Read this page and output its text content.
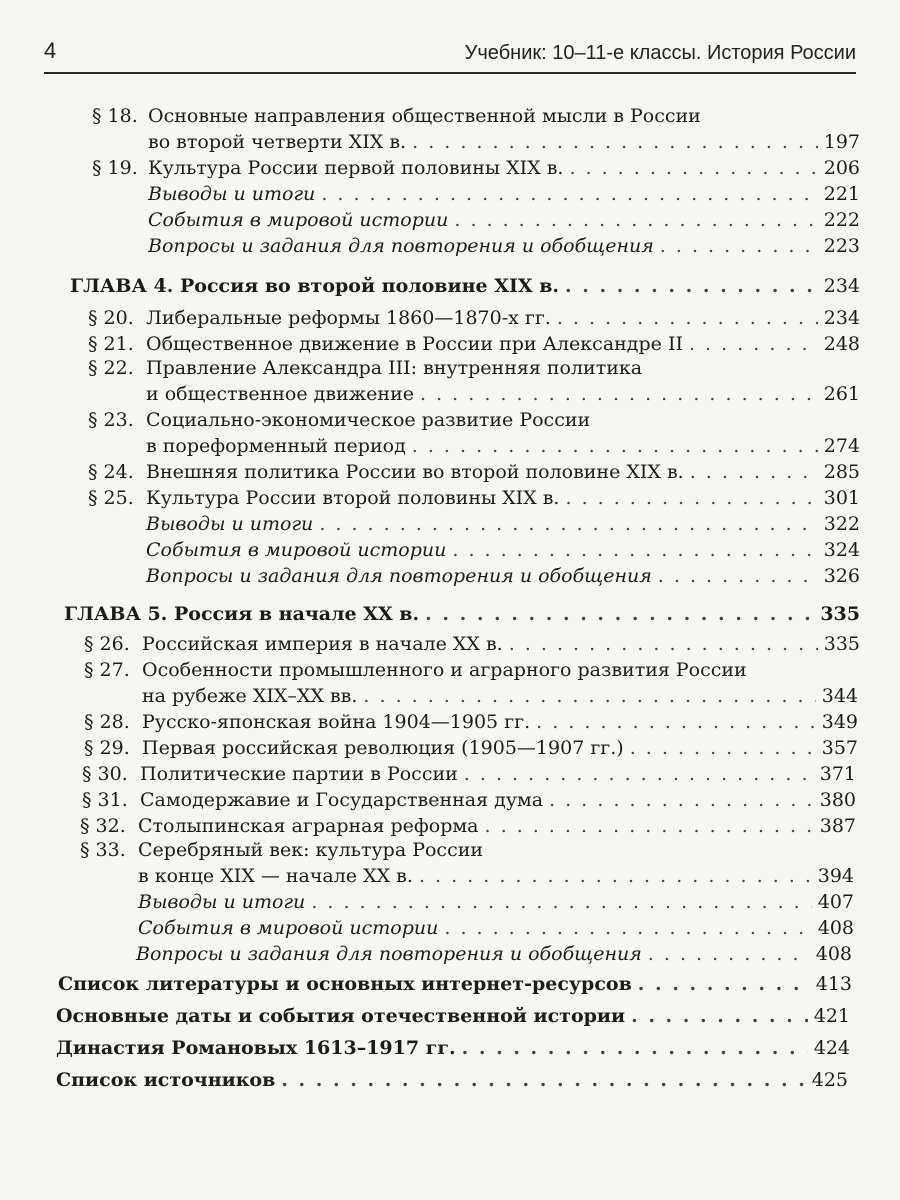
4	Учебник: 10–11-е классы. История России
§ 18. Основные направления общественной мысли в России
во второй четверти XIX в. . . .	197
§ 19. Культура России первой половины XIX в. . . .	206
Выводы и итоги . . .	221
События в мировой истории . . .	222
Вопросы и задания для повторения и обобщения . . .	223
ГЛАВА 4. Россия во второй половине XIX в. . . .	234
§ 20. Либеральные реформы 1860—1870-х гг. . . .	234
§ 21. Общественное движение в России при Александре II . . .	248
§ 22. Правление Александра III: внутренняя политика
и общественное движение . . .	261
§ 23. Социально-экономическое развитие России
в пореформенный период . . .	274
§ 24. Внешняя политика России во второй половине XIX в. . . .	285
§ 25. Культура России второй половины XIX в. . . .	301
Выводы и итоги . . .	322
События в мировой истории . . .	324
Вопросы и задания для повторения и обобщения . . .	326
ГЛАВА 5. Россия в начале XX в. . . .	335
§ 26. Российская империя в начале XX в. . . .	335
§ 27. Особенности промышленного и аграрного развития России
на рубеже XIX–XX вв. . . .	344
§ 28. Русско-японская война 1904—1905 гг. . . .	349
§ 29. Первая российская революция (1905—1907 гг.) . . .	357
§ 30. Политические партии в России . . .	371
§ 31. Самодержавие и Государственная дума . . .	380
§ 32. Столыпинская аграрная реформа . . .	387
§ 33. Серебряный век: культура России
в конце XIX — начале XX в. . . .	394
Выводы и итоги . . .	407
События в мировой истории . . .	408
Вопросы и задания для повторения и обобщения . . .	408
Список литературы и основных интернет-ресурсов . . .	413
Основные даты и события отечественной истории . . .	421
Династия Романовых 1613–1917 гг. . . .	424
Список источников . . .	425
